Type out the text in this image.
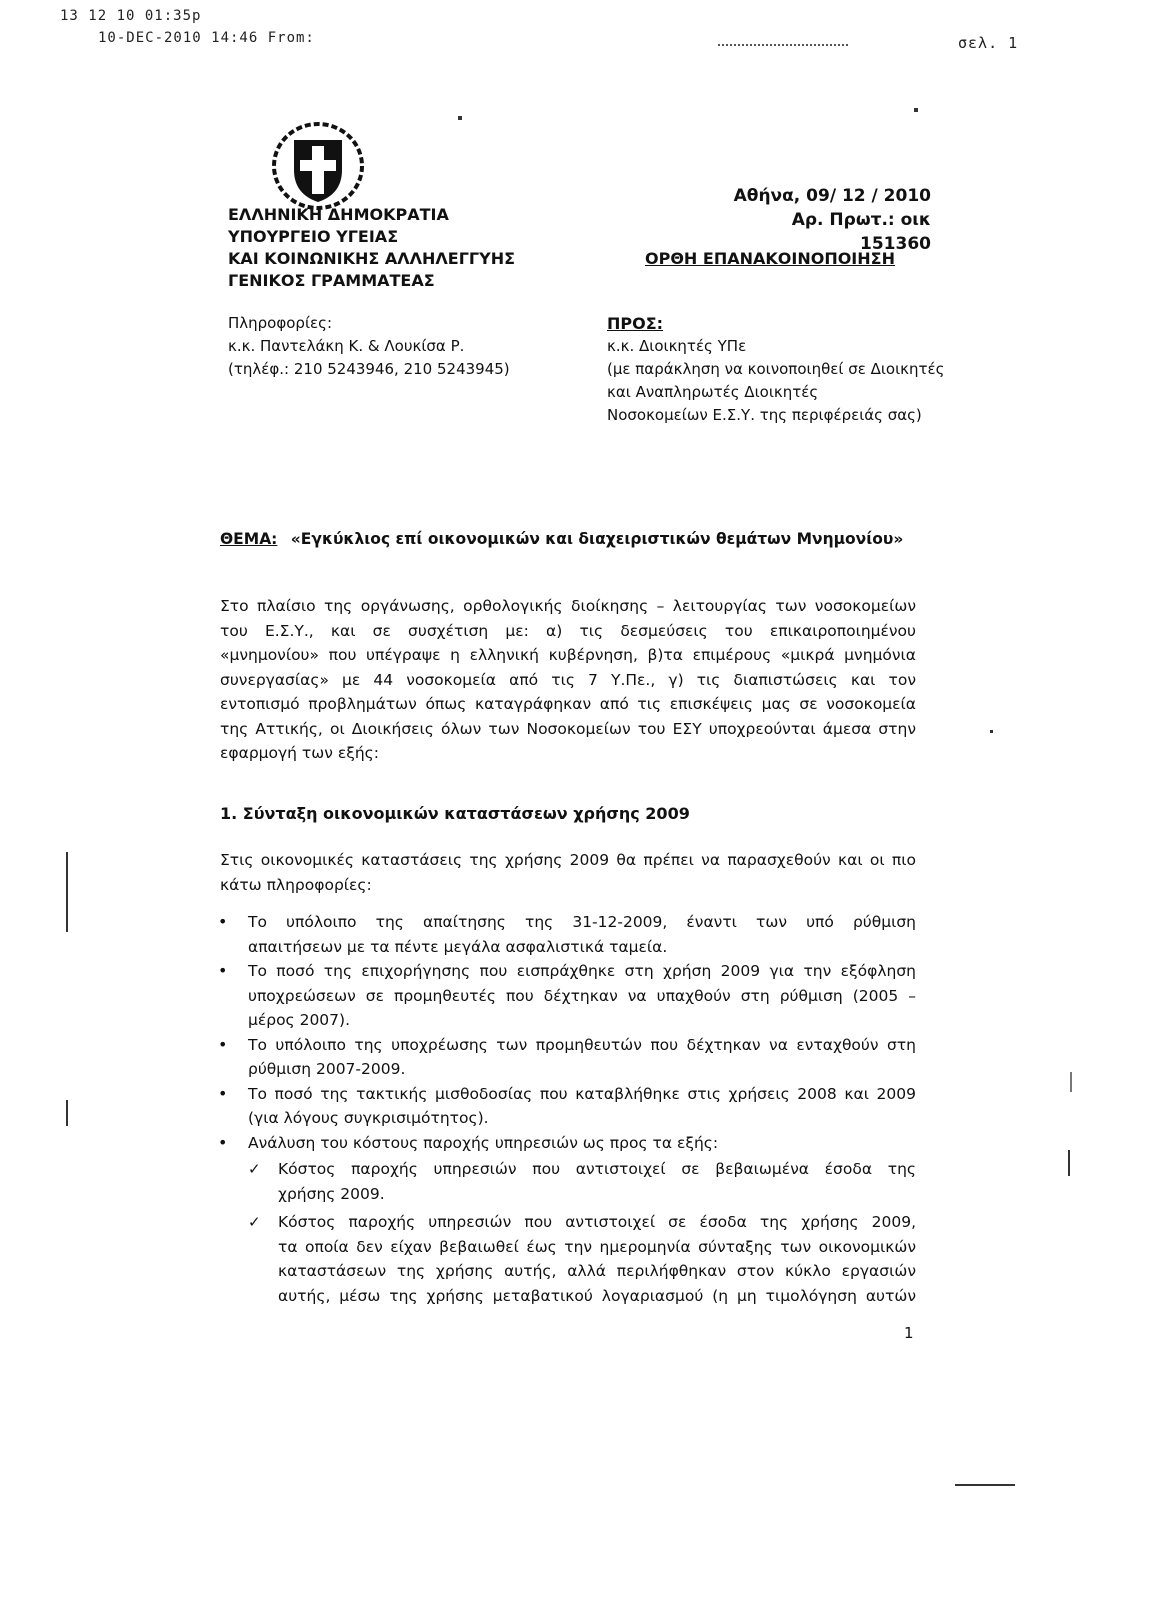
13 12 10 01:35p
10-DEC-2010 14:46 From:	σελ. 1
ΕΛΛΗΝΙΚΗ ΔΗΜΟΚΡΑΤΙΑ
ΥΠΟΥΡΓΕΙΟ ΥΓΕΙΑΣ
ΚΑΙ ΚΟΙΝΩΝΙΚΗΣ ΑΛΛΗΛΕΓΓΥΗΣ
ΓΕΝΙΚΟΣ ΓΡΑΜΜΑΤΕΑΣ
Αθήνα, 09/ 12 / 2010
Αρ. Πρωτ.: οικ 151360
ΟΡΘΗ ΕΠΑΝΑΚΟΙΝΟΠΟΙΗΣΗ
Πληροφορίες:
κ.κ. Παντελάκη Κ. & Λουκίσα Ρ.
(τηλέφ.: 210 5243946, 210 5243945)
ΠΡΟΣ:
κ.κ. Διοικητές ΥΠε
(με παράκληση να κοινοποιηθεί σε Διοικητές
και Αναπληρωτές Διοικητές
Νοσοκομείων Ε.Σ.Υ. της περιφέρειάς σας)
ΘΕΜΑ: «Εγκύκλιος επί οικονομικών και διαχειριστικών θεμάτων Μνημονίου»
Στο πλαίσιο της οργάνωσης, ορθολογικής διοίκησης – λειτουργίας των νοσοκομείων
του Ε.Σ.Υ., και σε συσχέτιση με: α) τις δεσμεύσεις του επικαιροποιημένου
«μνημονίου» που υπέγραψε η ελληνική κυβέρνηση, β)τα επιμέρους «μικρά μνημόνια
συνεργασίας» με 44 νοσοκομεία από τις 7 Υ.Πε., γ) τις διαπιστώσεις και τον
εντοπισμό προβλημάτων όπως καταγράφηκαν από τις επισκέψεις μας σε νοσοκομεία
της Αττικής, οι Διοικήσεις όλων των Νοσοκομείων του ΕΣΥ υποχρεούνται άμεσα στην
εφαρμογή των εξής:
1. Σύνταξη οικονομικών καταστάσεων χρήσης 2009
Στις οικονομικές καταστάσεις της χρήσης 2009 θα πρέπει να παρασχεθούν και οι πιο
κάτω πληροφορίες:
• Το υπόλοιπο της απαίτησης της 31-12-2009, έναντι των υπό ρύθμιση
απαιτήσεων με τα πέντε μεγάλα ασφαλιστικά ταμεία.
• Το ποσό της επιχορήγησης που εισπράχθηκε στη χρήση 2009 για την εξόφληση
υποχρεώσεων σε προμηθευτές που δέχτηκαν να υπαχθούν στη ρύθμιση (2005 –
μέρος 2007).
• Το υπόλοιπο της υποχρέωσης των προμηθευτών που δέχτηκαν να ενταχθούν στη
ρύθμιση 2007-2009.
• Το ποσό της τακτικής μισθοδοσίας που καταβλήθηκε στις χρήσεις 2008 και 2009
(για λόγους συγκρισιμότητος).
• Ανάλυση του κόστους παροχής υπηρεσιών ως προς τα εξής:
✓ Κόστος παροχής υπηρεσιών που αντιστοιχεί σε βεβαιωμένα έσοδα της
χρήσης 2009.
✓ Κόστος παροχής υπηρεσιών που αντιστοιχεί σε έσοδα της χρήσης 2009,
τα οποία δεν είχαν βεβαιωθεί έως την ημερομηνία σύνταξης των οικονομικών
καταστάσεων της χρήσης αυτής, αλλά περιλήφθηκαν στον κύκλο εργασιών
αυτής, μέσω της χρήσης μεταβατικού λογαριασμού (η μη τιμολόγηση αυτών
1
